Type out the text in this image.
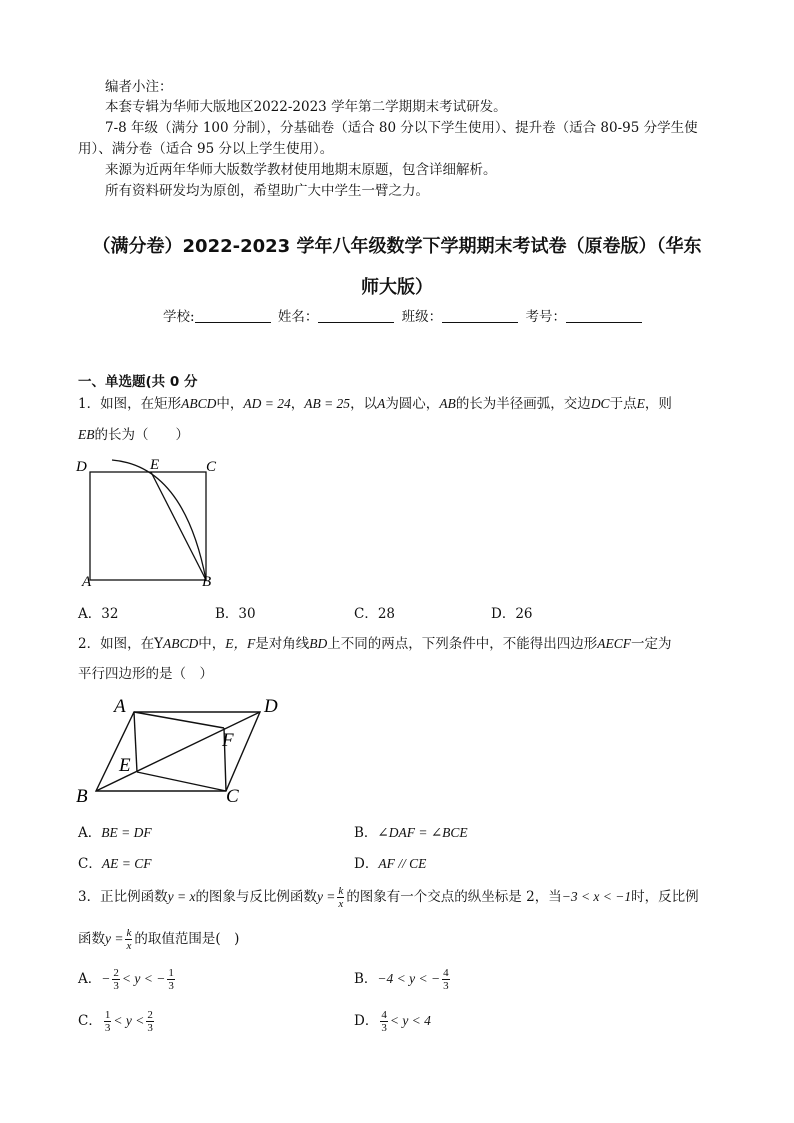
编者小注：
本套专辑为华师大版地区2022-2023 学年第二学期期末考试研发。
7-8 年级（满分 100 分制），分基础卷（适合 80 分以下学生使用）、提升卷（适合 80-95 分学生使
用）、满分卷（适合 95 分以上学生使用）。
来源为近两年华师大版数学教材使用地期末原题，包含详细解析。
所有资料研发均为原创，希望助广大中学生一臂之力。
（满分卷）2022-2023 学年八年级数学下学期期末考试卷（原卷版）（华东
师大版）
学校:	姓名：	班级：	考号：
一、单选题(共 0 分
1．如图，在矩形ABCD中，AD = 24，AB = 25，以A为圆心，AB的长为半径画弧，交边DC于点E，则
EB的长为（　　）
D	E	C
A	B
A．32	B．30	C．28	D．26
2．如图，在YABCD中，E，F是对角线BD上不同的两点，下列条件中，不能得出四边形AECF一定为
平行四边形的是（　）
A	D
F
E
B	C
A．BE = DF	B．∠DAF = ∠BCE
C．AE = CF	D．AF // CE
3．正比例函数y = x的图象与反比例函数$y = \frac{k}{x}$ 的图象有一个交点的纵坐标是 2，当−3 < x < −1时，反比例
函数$y = \frac{k}{x}$ 的取值范围是(　)
A．− $\frac{2}{3} < y$ < − $\frac{1}{3}$	B．−4 < y < − $\frac{4}{3}$
C． $\frac{1}{3} < y < \frac{2}{3}$	D． $\frac{4}{3} < y < 4$
